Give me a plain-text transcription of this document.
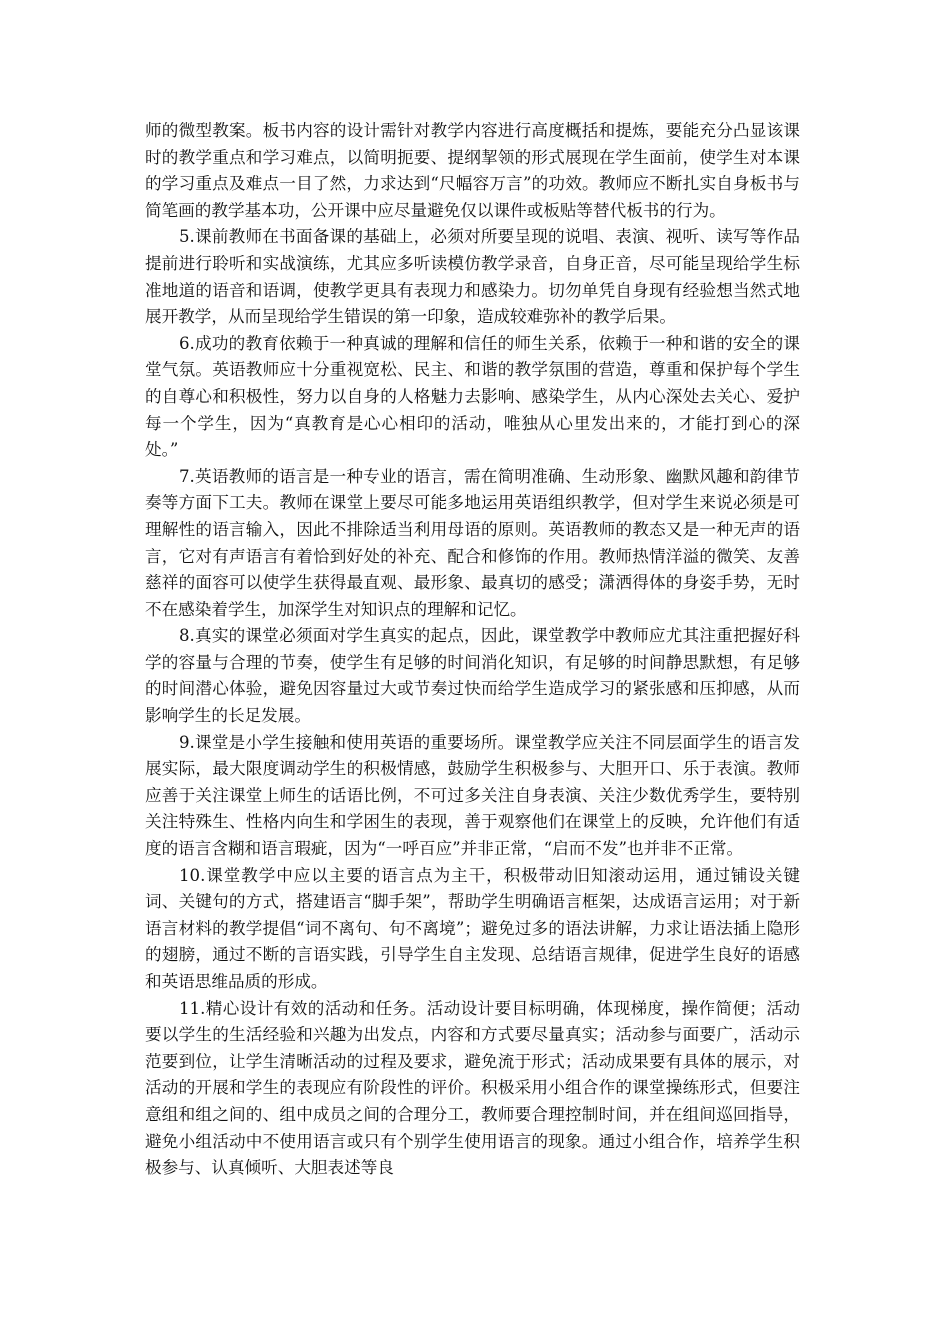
师的微型教案。板书内容的设计需针对教学内容进行高度概括和提炼，要能充分凸显该课时的教学重点和学习难点，以简明扼要、提纲挈领的形式展现在学生面前，使学生对本课的学习重点及难点一目了然，力求达到“尺幅容万言”的功效。教师应不断扎实自身板书与简笔画的教学基本功，公开课中应尽量避免仅以课件或板贴等替代板书的行为。

5.课前教师在书面备课的基础上，必须对所要呈现的说唱、表演、视听、读写等作品提前进行聆听和实战演练，尤其应多听读模仿教学录音，自身正音，尽可能呈现给学生标准地道的语音和语调，使教学更具有表现力和感染力。切勿单凭自身现有经验想当然式地展开教学，从而呈现给学生错误的第一印象，造成较难弥补的教学后果。

6.成功的教育依赖于一种真诚的理解和信任的师生关系，依赖于一种和谐的安全的课堂气氛。英语教师应十分重视宽松、民主、和谐的教学氛围的营造，尊重和保护每个学生的自尊心和积极性，努力以自身的人格魅力去影响、感染学生，从内心深处去关心、爱护每一个学生，因为“真教育是心心相印的活动，唯独从心里发出来的，才能打到心的深处。”

7.英语教师的语言是一种专业的语言，需在简明准确、生动形象、幽默风趣和韵律节奏等方面下工夫。教师在课堂上要尽可能多地运用英语组织教学，但对学生来说必须是可理解性的语言输入，因此不排除适当利用母语的原则。英语教师的教态又是一种无声的语言，它对有声语言有着恰到好处的补充、配合和修饰的作用。教师热情洋溢的微笑、友善慈祥的面容可以使学生获得最直观、最形象、最真切的感受；潇洒得体的身姿手势，无时不在感染着学生，加深学生对知识点的理解和记忆。

8.真实的课堂必须面对学生真实的起点，因此，课堂教学中教师应尤其注重把握好科学的容量与合理的节奏，使学生有足够的时间消化知识，有足够的时间静思默想，有足够的时间潜心体验，避免因容量过大或节奏过快而给学生造成学习的紧张感和压抑感，从而影响学生的长足发展。

9.课堂是小学生接触和使用英语的重要场所。课堂教学应关注不同层面学生的语言发展实际，最大限度调动学生的积极情感，鼓励学生积极参与、大胆开口、乐于表演。教师应善于关注课堂上师生的话语比例，不可过多关注自身表演、关注少数优秀学生，要特别关注特殊生、性格内向生和学困生的表现，善于观察他们在课堂上的反映，允许他们有适度的语言含糊和语言瑕疵，因为“一呼百应”并非正常，“启而不发”也并非不正常。

10.课堂教学中应以主要的语言点为主干，积极带动旧知滚动运用，通过铺设关键词、关键句的方式，搭建语言“脚手架”，帮助学生明确语言框架，达成语言运用；对于新语言材料的教学提倡“词不离句、句不离境”；避免过多的语法讲解，力求让语法插上隐形的翅膀，通过不断的言语实践，引导学生自主发现、总结语言规律，促进学生良好的语感和英语思维品质的形成。

11.精心设计有效的活动和任务。活动设计要目标明确，体现梯度，操作简便；活动要以学生的生活经验和兴趣为出发点，内容和方式要尽量真实；活动参与面要广，活动示范要到位，让学生清晰活动的过程及要求，避免流于形式；活动成果要有具体的展示，对活动的开展和学生的表现应有阶段性的评价。积极采用小组合作的课堂操练形式，但要注意组和组之间的、组中成员之间的合理分工，教师要合理控制时间，并在组间巡回指导，避免小组活动中不使用语言或只有个别学生使用语言的现象。通过小组合作，培养学生积极参与、认真倾听、大胆表述等良
